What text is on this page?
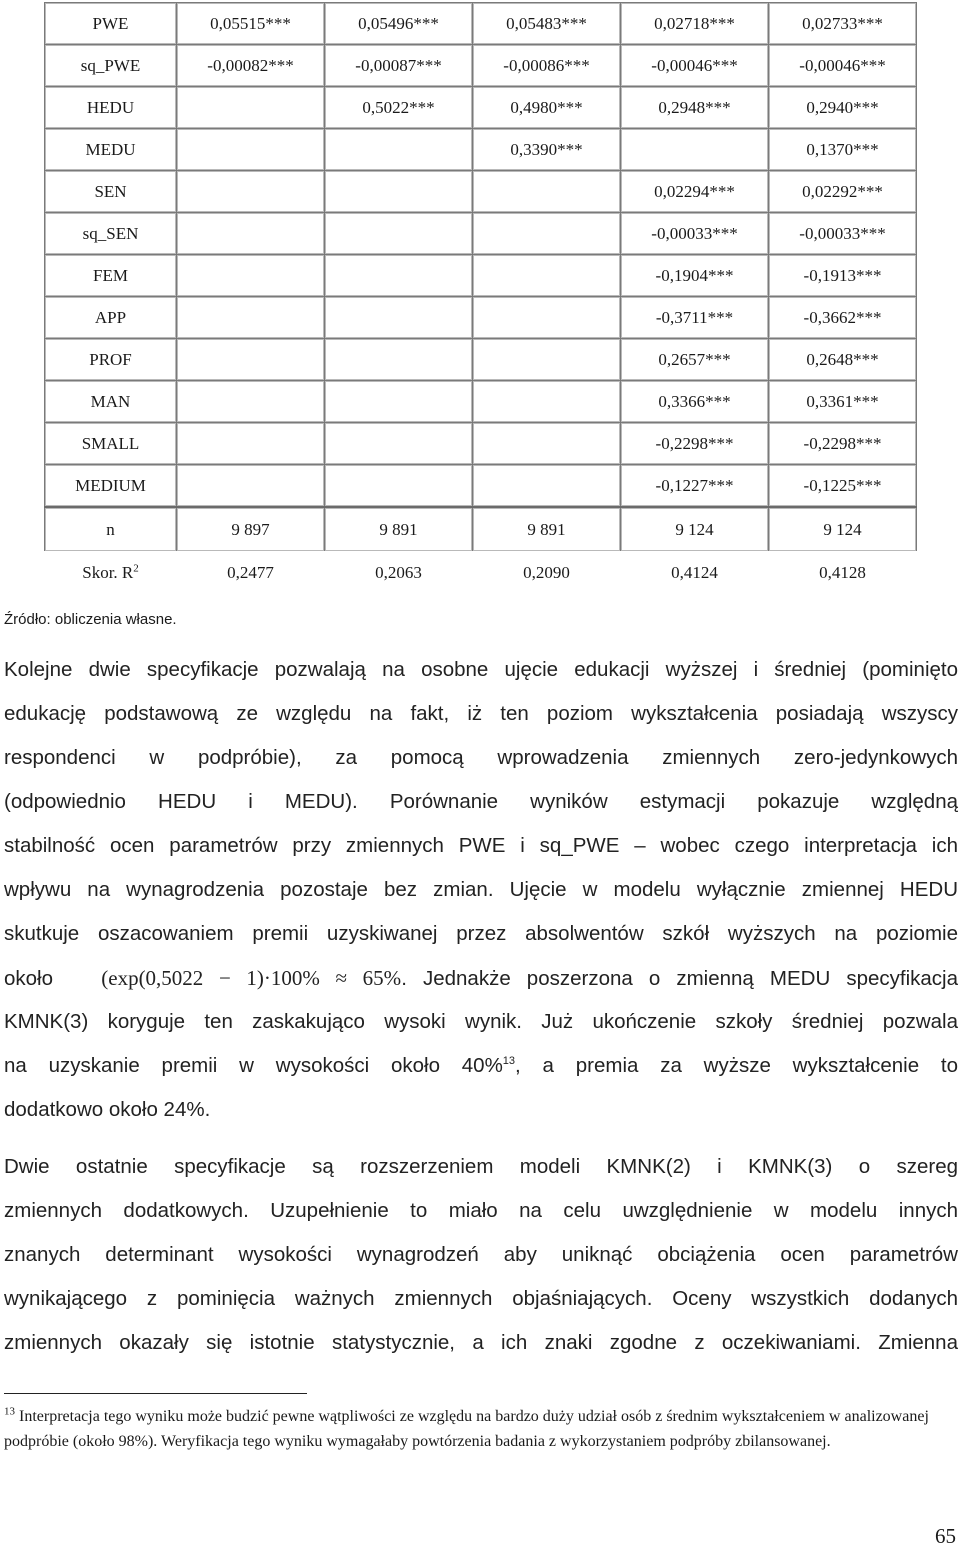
PWE	0,05515***	0,05496***	0,05483***	0,02718***	0,02733***
sq_PWE	-0,00082***	-0,00087***	-0,00086***	-0,00046***	-0,00046***
HEDU		0,5022***	0,4980***	0,2948***	0,2940***
MEDU			0,3390***		0,1370***
SEN				0,02294***	0,02292***
sq_SEN				-0,00033***	-0,00033***
FEM				-0,1904***	-0,1913***
APP				-0,3711***	-0,3662***
PROF				0,2657***	0,2648***
MAN				0,3366***	0,3361***
SMALL				-0,2298***	-0,2298***
MEDIUM				-0,1227***	-0,1225***
n	9 897	9 891	9 891	9 124	9 124
Skor. $R^2$	0,2477	0,2063	0,2090	0,4124	0,4128
Źródło: obliczenia własne.
Kolejne dwie specyfikacje pozwalają na osobne ujęcie edukacji wyższej i średniej (pominięto
edukację podstawową ze względu na fakt, iż ten poziom wykształcenia posiadają wszyscy
respondenci w podpróbie), za pomocą wprowadzenia zmiennych zero-jedynkowych
(odpowiednio HEDU i MEDU). Porównanie wyników estymacji pokazuje względną
stabilność ocen parametrów przy zmiennych PWE i sq_PWE – wobec czego interpretacja ich
wpływu na wynagrodzenia pozostaje bez zmian. Ujęcie w modelu wyłącznie zmiennej HEDU
skutkuje oszacowaniem premii uzyskiwanej przez absolwentów szkół wyższych na poziomie
około (exp(0,5022 − 1)·100% ≈ 65%. Jednakże poszerzona o zmienną MEDU specyfikacja
KMNK(3) koryguje ten zaskakująco wysoki wynik. Już ukończenie szkoły średniej pozwala
na uzyskanie premii w wysokości około 40%$^{13}$, a premia za wyższe wykształcenie to
dodatkowo około 24%.
Dwie ostatnie specyfikacje są rozszerzeniem modeli KMNK(2) i KMNK(3) o szereg
zmiennych dodatkowych. Uzupełnienie to miało na celu uwzględnienie w modelu innych
znanych determinant wysokości wynagrodzeń aby uniknąć obciążenia ocen parametrów
wynikającego z pominięcia ważnych zmiennych objaśniających. Oceny wszystkich dodanych
zmiennych okazały się istotnie statystycznie, a ich znaki zgodne z oczekiwaniami. Zmienna
$^{13}$ Interpretacja tego wyniku może budzić pewne wątpliwości ze względu na bardzo duży udział osób z średnim wykształceniem w analizowanej podpróbie (około 98%). Weryfikacja tego wyniku wymagałaby powtórzenia badania z wykorzystaniem podpróby zbilansowanej.
65
